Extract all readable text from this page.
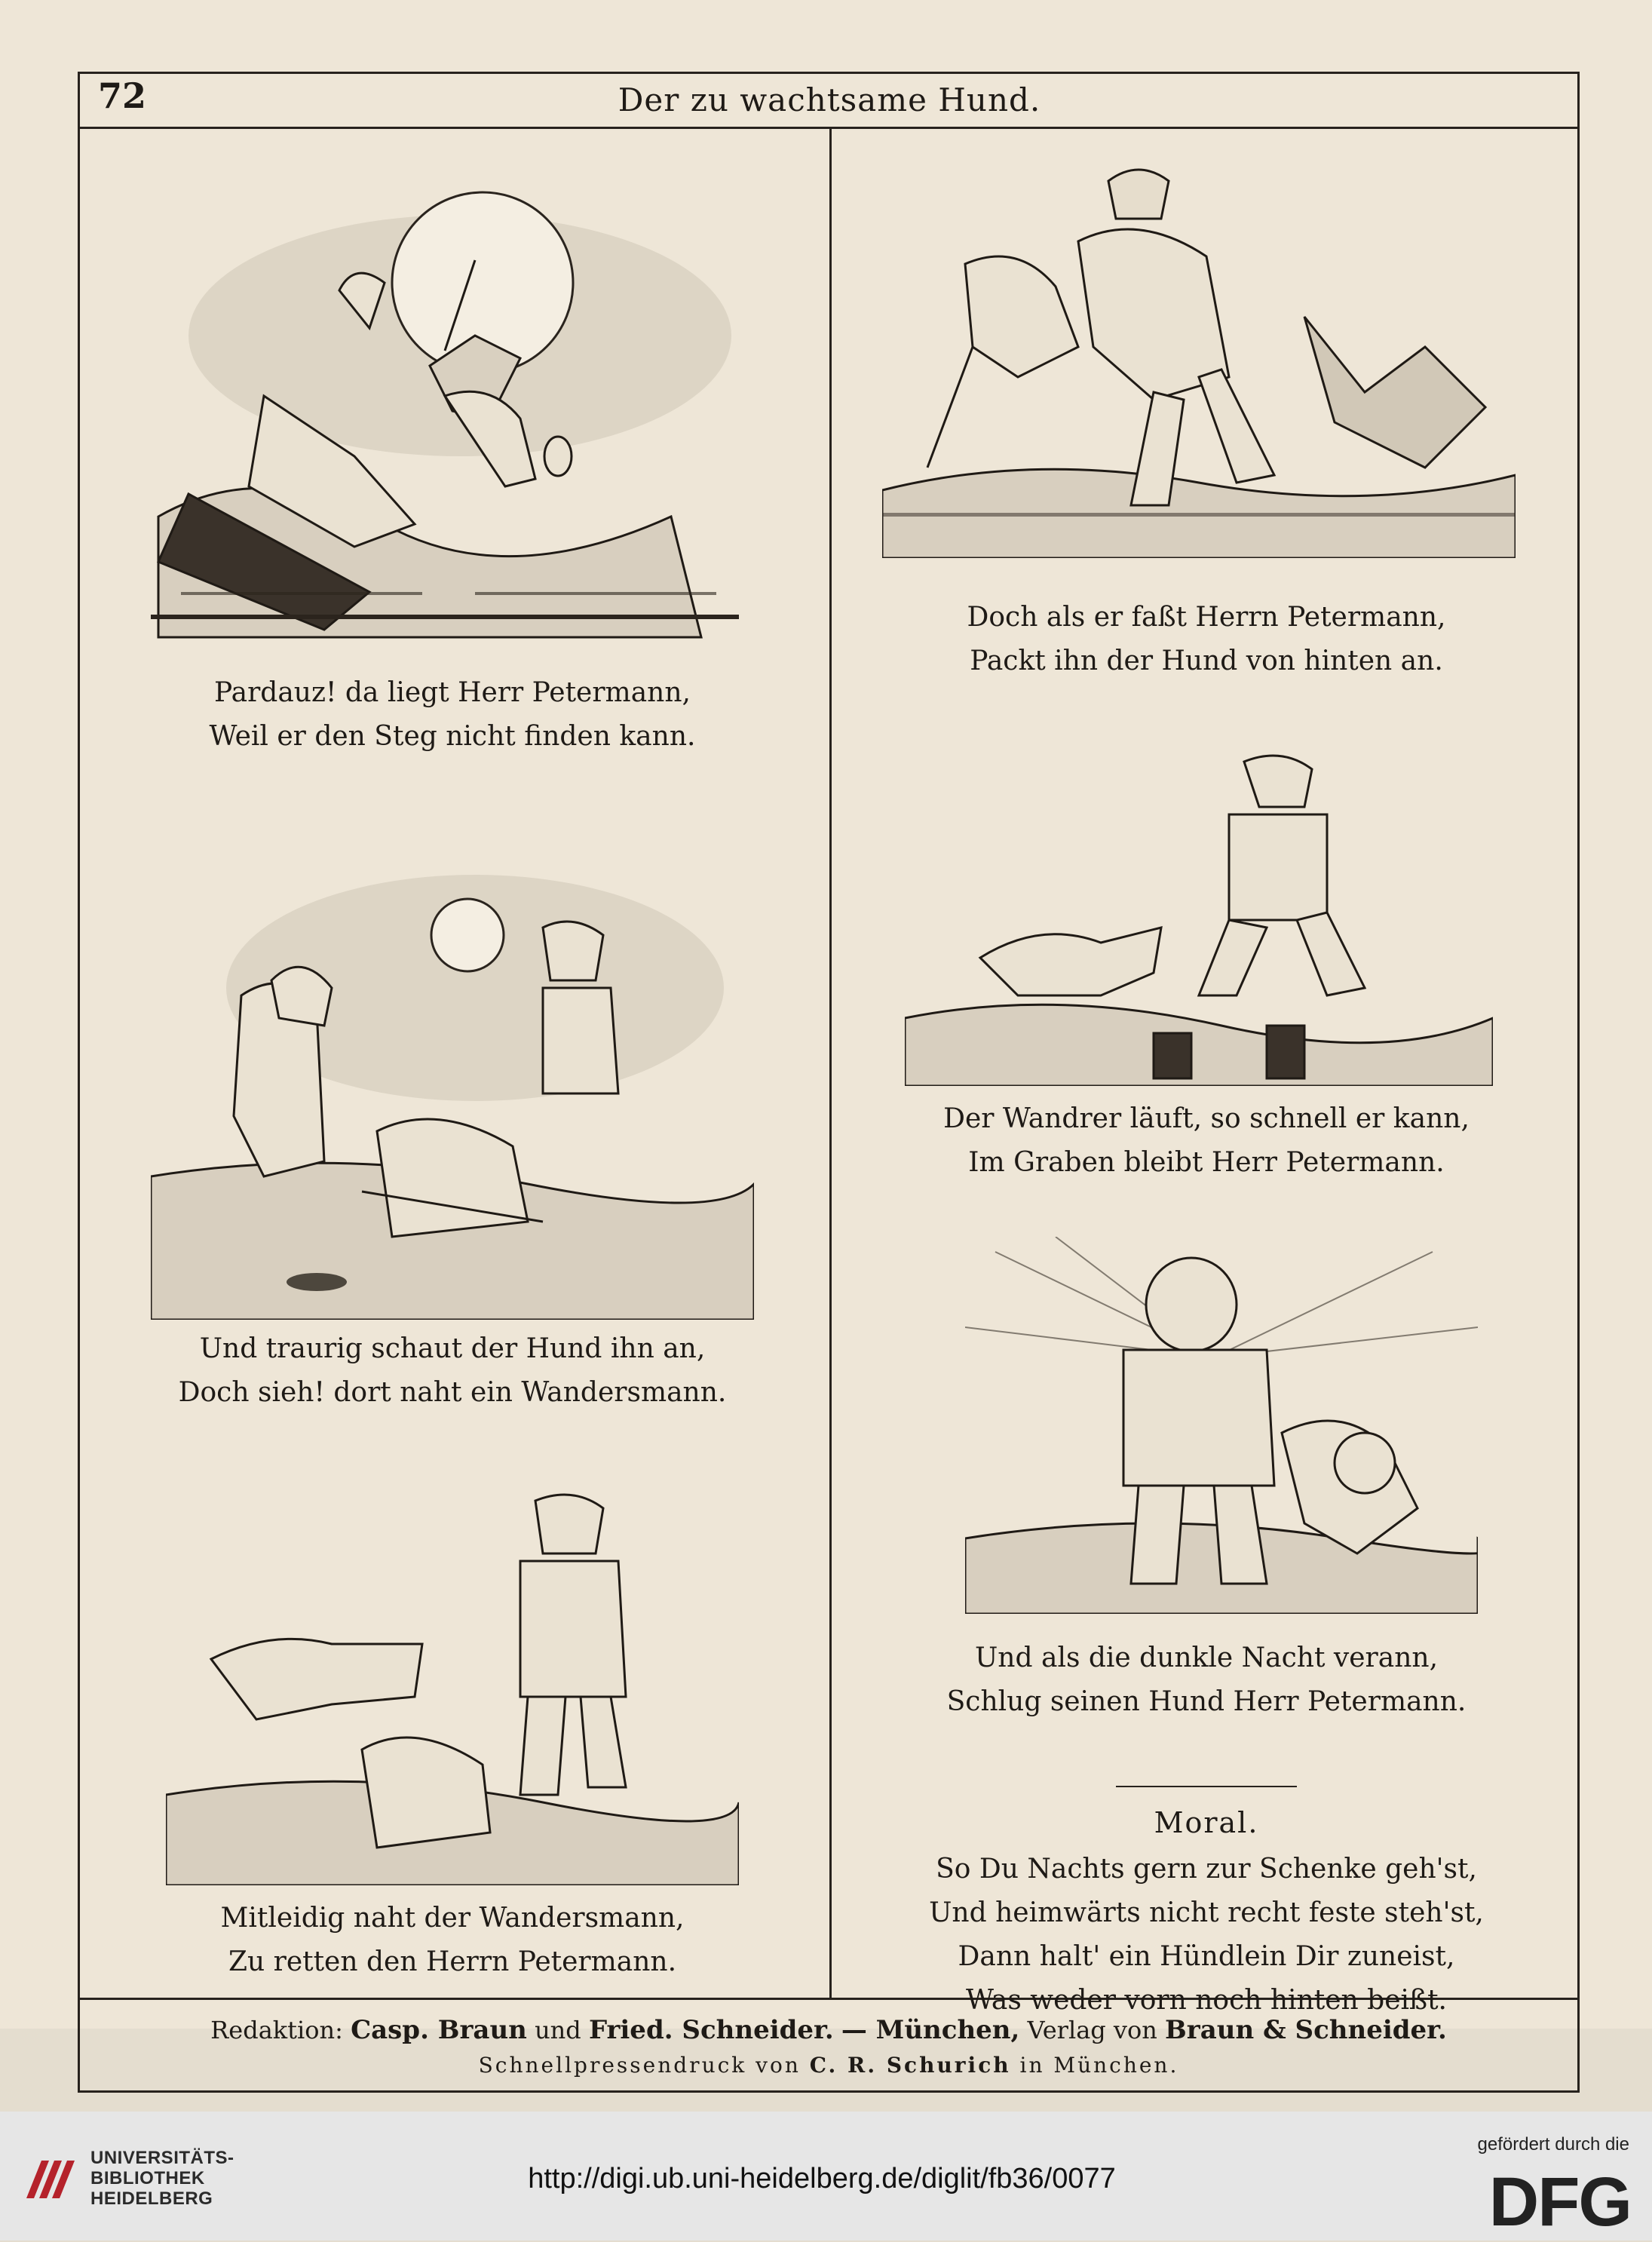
72	Der zu wachtsame Hund.
Pardauz! da liegt Herr Petermann,
Weil er den Steg nicht finden kann.
Doch als er faßt Herrn Petermann,
Packt ihn der Hund von hinten an.
Und traurig schaut der Hund ihn an,
Doch sieh! dort naht ein Wandersmann.
Der Wandrer läuft, so schnell er kann,
Im Graben bleibt Herr Petermann.
Mitleidig naht der Wandersmann,
Zu retten den Herrn Petermann.
Und als die dunkle Nacht verann,
Schlug seinen Hund Herr Petermann.
Moral.
So Du Nachts gern zur Schenke geh'st,
Und heimwärts nicht recht feste steh'st,
Dann halt' ein Hündlein Dir zuneist,
Was weder vorn noch hinten beißt.
Redaktion: Casp. Braun und Fried. Schneider. — München, Verlag von Braun & Schneider.
Schnellpressendruck von C. R. Schurich in München.
UNIVERSITÄTS-
BIBLIOTHEK
HEIDELBERG
http://digi.ub.uni-heidelberg.de/diglit/fb36/0077
gefördert durch die
DFG
